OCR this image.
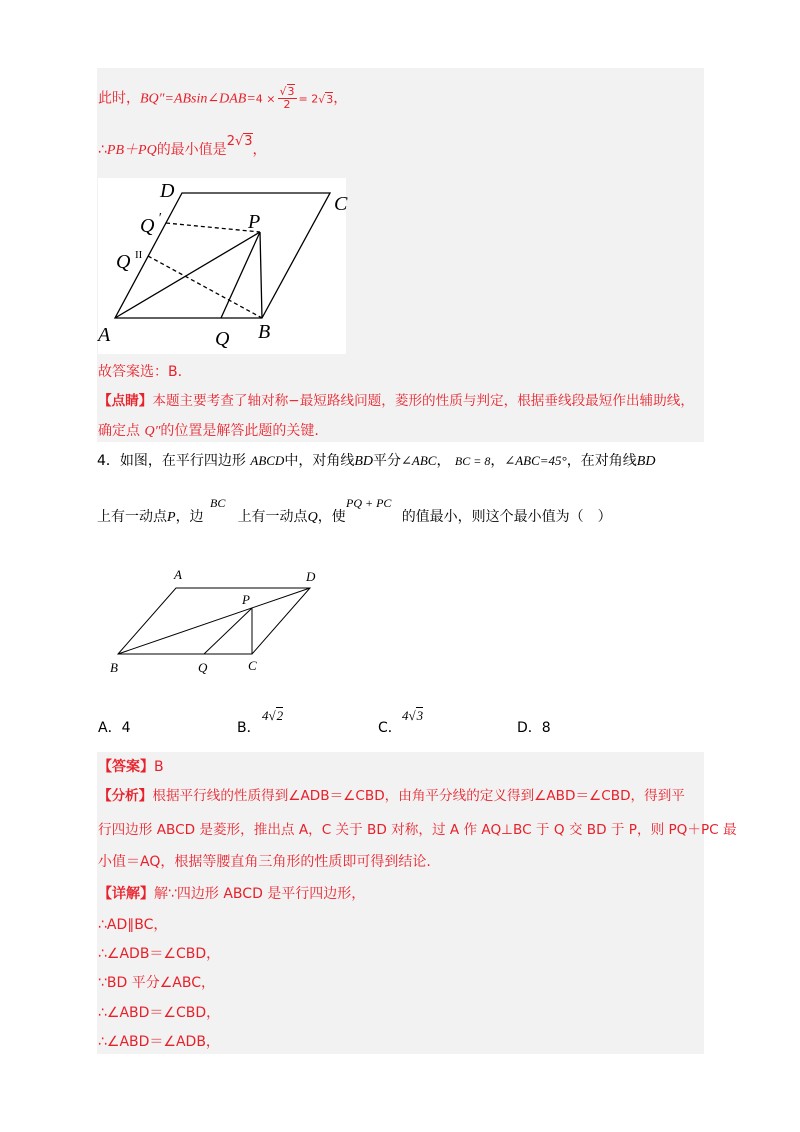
此时，BQ″=ABsin∠DAB=4 × $\frac{√3}{2} = 2√3$，
∴PB＋PQ的最小值是2√3，
D
C
Q ′	P
Q II
A	Q B
故答案选：B.
【点睛】本题主要考查了轴对称−最短路线问题，菱形的性质与判定，根据垂线段最短作出辅助线，
确定点 Q″的位置是解答此题的关键.
4．如图，在平行四边形 ABCD中，对角线BD平分∠ABC， BC = 8，∠ABC=45°，在对角线BD
BC	PQ + PC
上有一动点P，边 上有一动点Q，使	的值最小，则这个最小值为（　）
A	D
P
B	Q	C
A．4	B．
4√2
C．
4√3
D．8
【答案】B
【分析】根据平行线的性质得到∠ADB＝∠CBD，由角平分线的定义得到∠ABD＝∠CBD，得到平
行四边形 ABCD 是菱形，推出点 A，C 关于 BD 对称，过 A 作 AQ⊥BC 于 Q 交 BD 于 P，则 PQ＋PC 最
小值＝AQ，根据等腰直角三角形的性质即可得到结论.
【详解】解∵四边形 ABCD 是平行四边形，
∴AD∥BC，
∴∠ADB＝∠CBD，
∵BD 平分∠ABC，
∴∠ABD＝∠CBD，
∴∠ABD＝∠ADB，
